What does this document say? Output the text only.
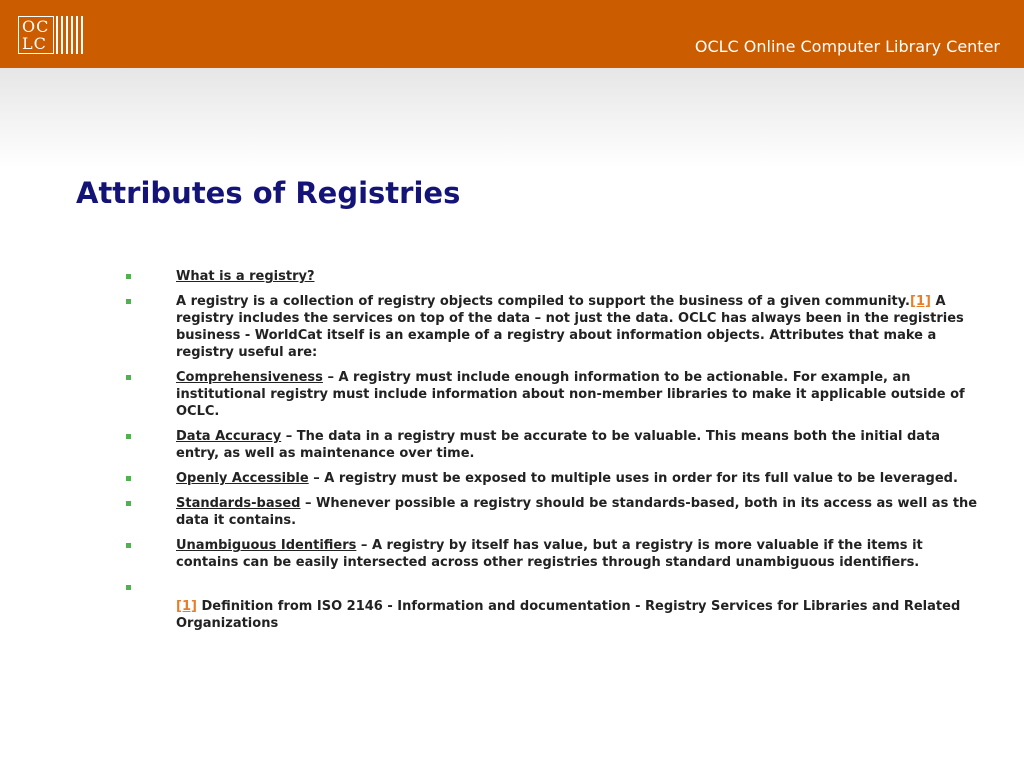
OC
LC	OCLC Online Computer Library Center
Attributes of Registries
What is a registry?
A registry is a collection of registry objects compiled to support the business of a given community.[1] A registry includes the services on top of the data – not just the data. OCLC has always been in the registries business - WorldCat itself is an example of a registry about information objects. Attributes that make a registry useful are:
Comprehensiveness – A registry must include enough information to be actionable. For example, an institutional registry must include information about non-member libraries to make it applicable outside of OCLC.
Data Accuracy – The data in a registry must be accurate to be valuable. This means both the initial data entry, as well as maintenance over time.
Openly Accessible – A registry must be exposed to multiple uses in order for its full value to be leveraged.
Standards-based – Whenever possible a registry should be standards-based, both in its access as well as the data it contains.
Unambiguous Identifiers – A registry by itself has value, but a registry is more valuable if the items it contains can be easily intersected across other registries through standard unambiguous identifiers.
[1] Definition from ISO 2146 - Information and documentation - Registry Services for Libraries and Related Organizations
